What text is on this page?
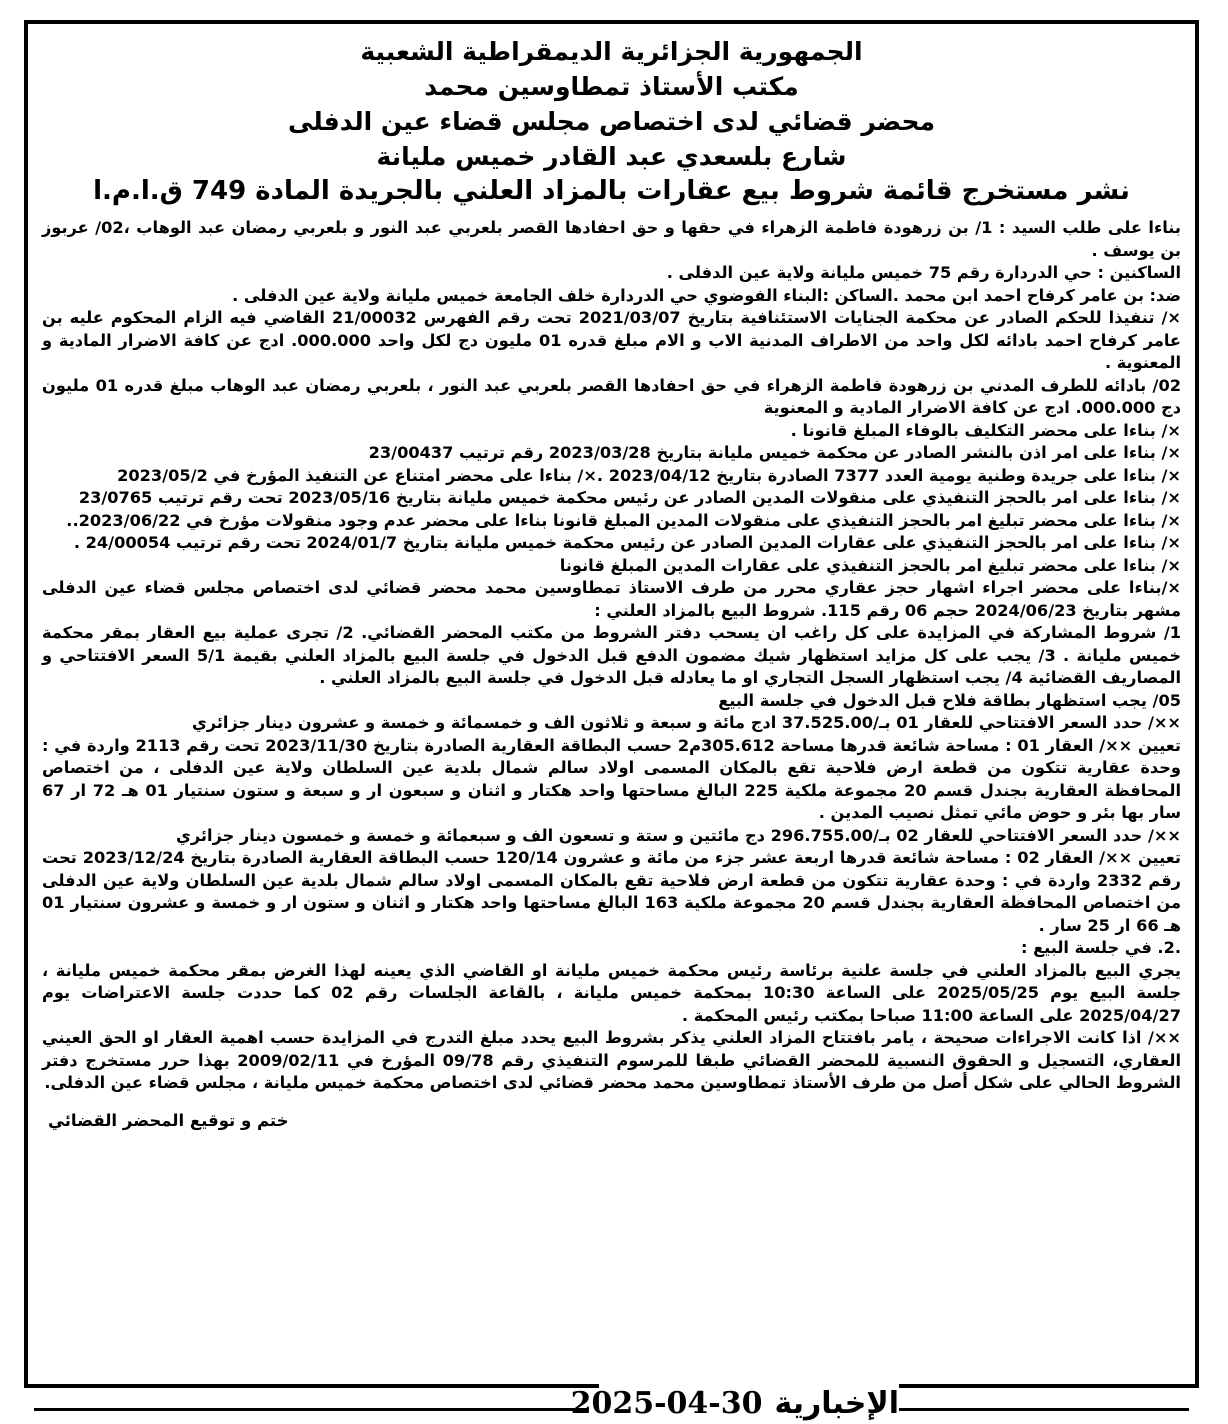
الجمهورية الجزائرية الديمقراطية الشعبية
مكتب الأستاذ تمطاوسين محمد
محضر قضائي لدى اختصاص مجلس قضاء عين الدفلى
شارع بلسعدي عبد القادر خميس مليانة
نشر مستخرج قائمة شروط بيع عقارات بالمزاد العلني بالجريدة المادة 749 ق.ا.م.ا

بناءا على طلب السيد : 1/ بن زرهودة فاطمة الزهراء في حقها و حق احفادها القصر بلعربي عبد النور و بلعربي رمضان عبد الوهاب ،02/ عربوز بن يوسف .

الساكنين : حي الدردارة رقم 75 خميس مليانة ولاية عين الدفلى .

ضد: بن عامر كرفاح احمد ابن محمد .الساكن :البناء الفوضوي حي الدردارة خلف الجامعة خميس مليانة ولاية عين الدفلى .

×/ تنفيذا للحكم الصادر عن محكمة الجنايات الاستئنافية بتاريخ 2021/03/07 تحت رقم الفهرس 21/00032 القاضي فيه الزام المحكوم عليه بن عامر كرفاح احمد بادائه لكل واحد من الاطراف المدنية الاب و الام مبلغ قدره 01 مليون دج لكل واحد 000.000. ادج عن كافة الاضرار المادية و المعنوية .

02/ بادائه للطرف المدني بن زرهودة فاطمة الزهراء في حق احفادها القصر بلعربي عبد النور ، بلعربي رمضان عبد الوهاب مبلغ قدره 01 مليون دج 000.000. ادج عن كافة الاضرار المادية و المعنوية

×/ بناءا على محضر التكليف بالوفاء المبلغ قانونا .

×/ بناءا على امر اذن بالنشر الصادر عن محكمة خميس مليانة بتاريخ 2023/03/28 رقم ترتيب 23/00437

×/ بناءا على جريدة وطنية يومية العدد 7377 الصادرة بتاريخ 2023/04/12 .×/ بناءا على محضر امتناع عن التنفيذ المؤرخ في 2023/05/2

×/ بناءا على امر بالحجز التنفيذي على منقولات المدين الصادر عن رئيس محكمة خميس مليانة بتاريخ 2023/05/16 تحت رقم ترتيب 23/0765

×/ بناءا على محضر تبليغ امر بالحجز التنفيذي على منقولات المدين المبلغ قانونا بناءا على محضر عدم وجود منقولات مؤرخ في 2023/06/22..

×/ بناءا على امر بالحجز التنفيذي على عقارات المدين الصادر عن رئيس محكمة خميس مليانة بتاريخ 2024/01/7 تحت رقم ترتيب 24/00054 .

×/ بناءا على محضر تبليغ امر بالحجز التنفيذي على عقارات المدين المبلغ قانونا

×/بناءا على محضر اجراء اشهار حجز عقاري محرر من طرف الاستاذ تمطاوسين محمد محضر قضائي لدى اختصاص مجلس قضاء عين الدفلى مشهر بتاريخ 2024/06/23 حجم 06 رقم 115. شروط البيع بالمزاد العلني :

1/ شروط المشاركة في المزايدة على كل راغب ان يسحب دفتر الشروط من مكتب المحضر القضائي. 2/ تجرى عملية بيع العقار بمقر محكمة خميس مليانة . 3/ يجب على كل مزايد استظهار شيك مضمون الدفع قبل الدخول في جلسة البيع بالمزاد العلني بقيمة 5/1 السعر الافتتاحي و المصاريف القضائية 4/ يجب استظهار السجل التجاري او ما يعادله قبل الدخول في جلسة البيع بالمزاد العلني .

05/ يجب استظهار بطاقة فلاح قبل الدخول في جلسة البيع

××/ حدد السعر الافتتاحي للعقار 01 بـ/37.525.00 ادج مائة و سبعة و ثلاثون الف و خمسمائة و خمسة و عشرون دينار جزائري

تعيين ××/ العقار 01 : مساحة شائعة قدرها مساحة 305.612م2 حسب البطاقة العقارية الصادرة بتاريخ 2023/11/30 تحت رقم 2113 واردة في : وحدة عقارية تتكون من قطعة ارض فلاحية تقع بالمكان المسمى اولاد سالم شمال بلدية عين السلطان ولاية عين الدفلى ، من اختصاص المحافظة العقارية بجندل قسم 20 مجموعة ملكية 225 البالغ مساحتها واحد هكتار و اثنان و سبعون ار و سبعة و ستون سنتيار 01 هـ 72 ار 67 سار بها بئر و حوض مائي تمثل نصيب المدين .

××/ حدد السعر الافتتاحي للعقار 02 بـ/296.755.00 دج مائتين و ستة و تسعون الف و سبعمائة و خمسة و خمسون دينار جزائري

تعيين ××/ العقار 02 : مساحة شائعة قدرها اربعة عشر جزء من مائة و عشرون 120/14 حسب البطاقة العقارية الصادرة بتاريخ 2023/12/24 تحت رقم 2332 واردة في : وحدة عقارية تتكون من قطعة ارض فلاحية تقع بالمكان المسمى اولاد سالم شمال بلدية عين السلطان ولاية عين الدفلى من اختصاص المحافظة العقارية بجندل قسم 20 مجموعة ملكية 163 البالغ مساحتها واحد هكتار و اثنان و ستون ار و خمسة و عشرون سنتيار 01 هـ 66 ار 25 سار .

.2. في جلسة البيع :

يجري البيع بالمزاد العلني في جلسة علنية برئاسة رئيس محكمة خميس مليانة او القاضي الذي يعينه لهذا الغرض بمقر محكمة خميس مليانة ، جلسة البيع يوم 2025/05/25 على الساعة 10:30 بمحكمة خميس مليانة ، بالقاعة الجلسات رقم 02 كما حددت جلسة الاعتراضات يوم 2025/04/27 على الساعة 11:00 صباحا بمكتب رئيس المحكمة .

××/ اذا كانت الاجراءات صحيحة ، يامر بافتتاح المزاد العلني يذكر بشروط البيع يحدد مبلغ التدرج في المزايدة حسب اهمية العقار او الحق العيني العقاري، التسجيل و الحقوق النسبية للمحضر القضائي طبقا للمرسوم التنفيذي رقم 09/78 المؤرخ في 2009/02/11 بهذا حرر مستخرج دفتر الشروط الحالي على شكل أصل من طرف الأستاذ تمطاوسين محمد محضر قضائي لدى اختصاص محكمة خميس مليانة ، مجلس قضاء عين الدفلى.

ختم و توقيع المحضر القضائي
الإخبارية2025-04-30
